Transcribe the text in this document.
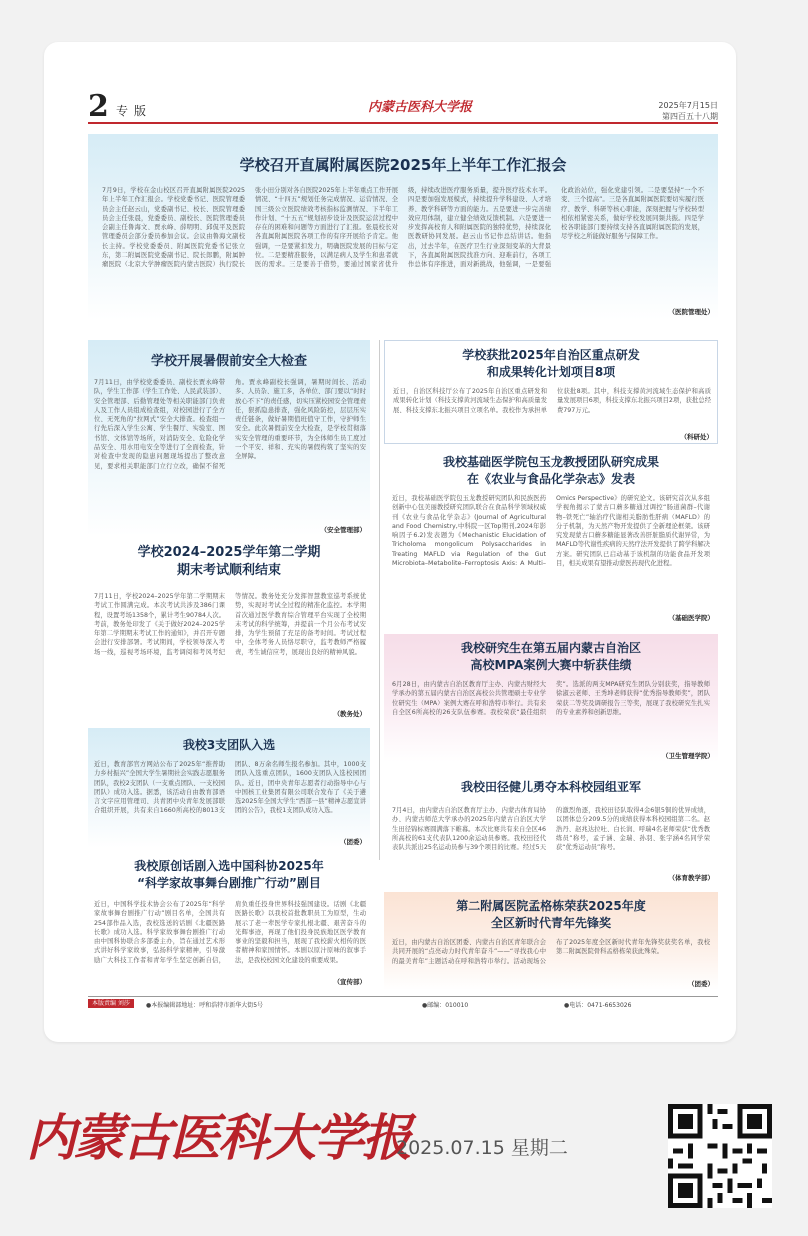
2 专版	内蒙古医科大学报	2025年7月15日
第四百五十八期
学校召开直属附属医院2025年上半年工作汇报会
7月9日，学校在金山校区召开直属附属医院2025年上半年工作汇报会。学校党委书记、医院管理委员会主任赵云山，党委副书记、校长、医院管理委员会主任张晨，党委委员、副校长、医院管理委员会副主任鲁海文、贾永峰、薛明明、邱侃平及医院管理委员会部分委员参加会议。会议由鲁海文副校长主持。学校党委委员、附属医院党委书记张立东，第二附属医院党委副书记、院长郎鹏，附属肿瘤医院（北京大学肿瘤医院内蒙古医院）执行院长张小田分别对各自医院2025年上半年重点工作开展情况、“十四五”规划任务完成情况、运营情况、全国三级公立医院绩效考核指标监测情况、下半年工作计划、“十五五”规划初步设计及医院运营过程中存在的困难和问题等方面进行了汇报。张晨校长对各直属附属医院各项工作的有序开展给予肯定。他强调，一是要紧扣发力，明确医院发展的目标与定位。二是要精准服务，以满足病人及学生和患者就医的需求。三是要善于借势，要通过国家省优升级，持续改进医疗服务质量，提升医疗技术水平。四是要加强发展模式，持续提升学科建设、人才培养、教学科研等方面的能力。五是要进一步完善绩效应用体制，建立健全绩效反馈机制。六是要进一步发挥高校育人和附属医院的独特优势，持续深化医教研协同发展。赵云山书记作总结讲话。他指出，过去半年，在医疗卫生行业深刻变革的大背景下，各直属附属医院找准方向、迎难前行，各项工作总体有序推进，面对新挑战，他强调，一是要强化政治站位，强化党建引领。二是要坚持“一个不变、三个提高”。三是各直属附属医院要切实履行医疗、教学、科研等核心职能，深刻把握与学校转型相依相紧密关系，做好学校发展同频共振。四是学校各职能部门要持续支持各直属附属医院的发展，尽学校之所能做好服务与保障工作。
（医院管理处）
学校开展暑假前安全大检查
7月11日，由学校党委委员、副校长贾永峰带队，学生工作部（学生工作处、人民武装部）、安全管理部、后勤管理处等相关职能部门负责人及工作人员组成检查组，对校园进行了全方位、无死角的“拉网式”安全大排查。检查组一行先后深入学生公寓、学生餐厅、实验室、图书馆、文体馆等场所，对消防安全、危险化学品安全、用水用电安全等进行了全面检查，针对检查中发现的隐患问题现场提出了整改意见，要求相关职能部门立行立改，确保不留死角。贾永峰副校长强调，暑期时间长、活动多、人员杂、施工多，各单位、部门要以“时时放心不下”的责任感，切实压紧校园安全管理责任，狠抓隐患排查，强化风险防控，层层压实责任链条，做好暑期值班值守工作，守护师生安全。此次暑假前安全大检查，是学校贯彻落实安全管理的重要环节，为全体师生员工度过一个平安、祥和、充实的暑假构筑了坚实的安全屏障。
（安全管理部）
学校2024–2025学年第二学期
期末考试顺利结束
7月11日，学校2024–2025学年第二学期期末考试工作圆满完成。本次考试共涉及386门课程，设置考场1358个，累计考生90784人次。考前，教务处印发了《关于做好2024–2025学年第二学期期末考试工作的通知》，并召开专题会进行安排部署。考试期间，学校领导深入考场一线，巡视考场环境，监考调阅和考风考纪等情况。教务处充分发挥智慧教室巡考系统优势，实现对考试全过程的精准化监控。本学期首次通过医学教育综合管理平台实现了全校期末考试的科学统筹，并提前一个月公布考试安排，为学生预留了充足的备考时间。考试过程中，全体考务人员恪尽职守，监考教师严格履责，考生诚信应考，展现出良好的精神风貌。
（教务处）
我校3支团队入选
近日，教育部官方网站公布了2025年“推普助力乡村振兴”全国大学生暑期社会实践志愿服务团队，我校2支团队（一支重点团队、一支校园团队）成功入选。据悉，该活动自由教育部语言文字应用管理司、共青团中央青年发展部联合组织开展，共有来自1660所高校的8013支团队、8万余名师生报名参加。其中，1000支团队入选重点团队，1600支团队入选校园团队。近日，团中央青年志愿者行动指导中心与中国核工业集团有限公司联合发布了《关于遴选2025年全国大学生“西部一县”精神志愿宣讲团的公告》，我校1支团队成功入选。
（团委）
我校原创话剧入选中国科协2025年
“科学家故事舞台剧推广行动”剧目
近日，中国科学技术协会公布了2025年“科学家故事舞台剧推广行动”剧目名单，全国共有254部作品入选，我校选送的话剧《北疆医路长歌》成功入选。科学家故事舞台剧推广行动由中国科协联合多部委主办，旨在通过艺术形式讲好科学家故事，弘扬科学家精神，引导激励广大科技工作者和青年学生坚定创新自信，肩负重任投身世界科技强国建设。话剧《北疆医路长歌》以我校首批教职员工为原型，生动展示了老一辈医学专家扎根北疆、艰苦奋斗的光辉事迹，再现了他们投身民族地区医学教育事业的坚毅和担当，展现了我校薪火相传的医者精神和家国情怀。本剧以原汁原味的叙事手法，是我校校园文化建设的重要成果。
（宣传部）
学校获批2025年自治区重点研发
和成果转化计划项目8项
近日，自治区科技厅公布了2025年自治区重点研发和成果转化计划（科技支撑黄河流域生态保护和高质量发展、科技支撑东北振兴项目立项名单。我校作为承担单位获批8项。其中，科技支撑黄河流域生态保护和高质量发展项目6项，科技支撑东北振兴项目2项，获批总经费797万元。
（科研处）
我校基础医学院包玉龙教授团队研究成果
在《农业与食品化学杂志》发表
近日，我校基础医学院包玉龙教授研究团队和民族医药创新中心包美丽教授研究团队联合在食品科学领域权威刊《农业与食品化学杂志》(Journal of Agricultural and Food Chemistry,中科院一区Top期刊,2024年影响因子6.2)发表题为《Mechanistic Elucidation of Tricholoma mongolicum Polysaccharides in Treating MAFLD via Regulation of the Gut Microbiota–Metabolite–Ferroptosis Axis: A Multi–Omics Perspective》的研究论文。该研究首次从多组学视角揭示了蒙古口蘑多糖通过调控“肠道菌群–代谢物–铁死亡”轴治疗代谢相关脂肪性肝病（MAFLD）的分子机制，为天然产物开发提供了全新理论框架。该研究发现蒙古口蘑多糖能显著改善肝脏脂质代谢异常，为MAFLD等代谢性疾病的天然疗法开发提供了跨学科解决方案。研究团队已启动基于该机制的功能食品开发项目，相关成果有望推动蒙医药现代化进程。
（基础医学院）
我校研究生在第五届内蒙古自治区
高校MPA案例大赛中斩获佳绩
6月28日，由内蒙古自治区教育厅主办、内蒙古财经大学承办的第五届内蒙古自治区高校公共管理硕士专业学位研究生（MPA）案例大赛在呼和浩特市举行。共有来自全区6所高校的26支队伍参赛。我校荣获“最佳组织奖”。选派的两支MPA研究生团队分别获奖，指导教师徐淑云老师、王秀坤老师获得“优秀指导教师奖”，团队荣获二等奖及调研报告三等奖，展现了我校研究生扎实的专业素养和创新思维。
（卫生管理学院）
我校田径健儿勇夺本科校园组亚军
7月4日，由内蒙古自治区教育厅主办、内蒙古体育局协办、内蒙古师范大学承办的2025年内蒙古自治区大学生田径锦标赛圆满落下帷幕。本次比赛共有来自全区46所高校的61支代表队1200余运动员参赛。我校田径代表队共派出25名运动员参与39个项目的比赛。经过5天的激烈角逐，我校田径队取得4金6银5铜的优异成绩，以团体总分209.5分的成绩获得本科校园组第二名。赵浩丹、赵兆达拉吐、白长润、呼瑞4名老师荣获“优秀教练员”称号，孟子涵、金瑞、孙羽、张宇涵4名同学荣获“优秀运动员”称号。
（体育教学部）
第二附属医院孟格栋荣获2025年度
全区新时代青年先锋奖
近日，由内蒙古自治区团委、内蒙古自治区青年联合会共同开展的“点亮动力时代青年奋斗”——“寻找我心中的最美青年”主题活动在呼和浩特市举行。活动现场公布了2025年度全区新时代青年先锋奖获奖名单，我校第二附属医院骨科孟格栋荣获此殊荣。
（团委）
本版责编 刘莎	●本报编辑部地址：呼和浩特市新华大街5号	●邮编：010010	●电话：0471-6653026
内蒙古医科大学报
2025.07.15 星期二
